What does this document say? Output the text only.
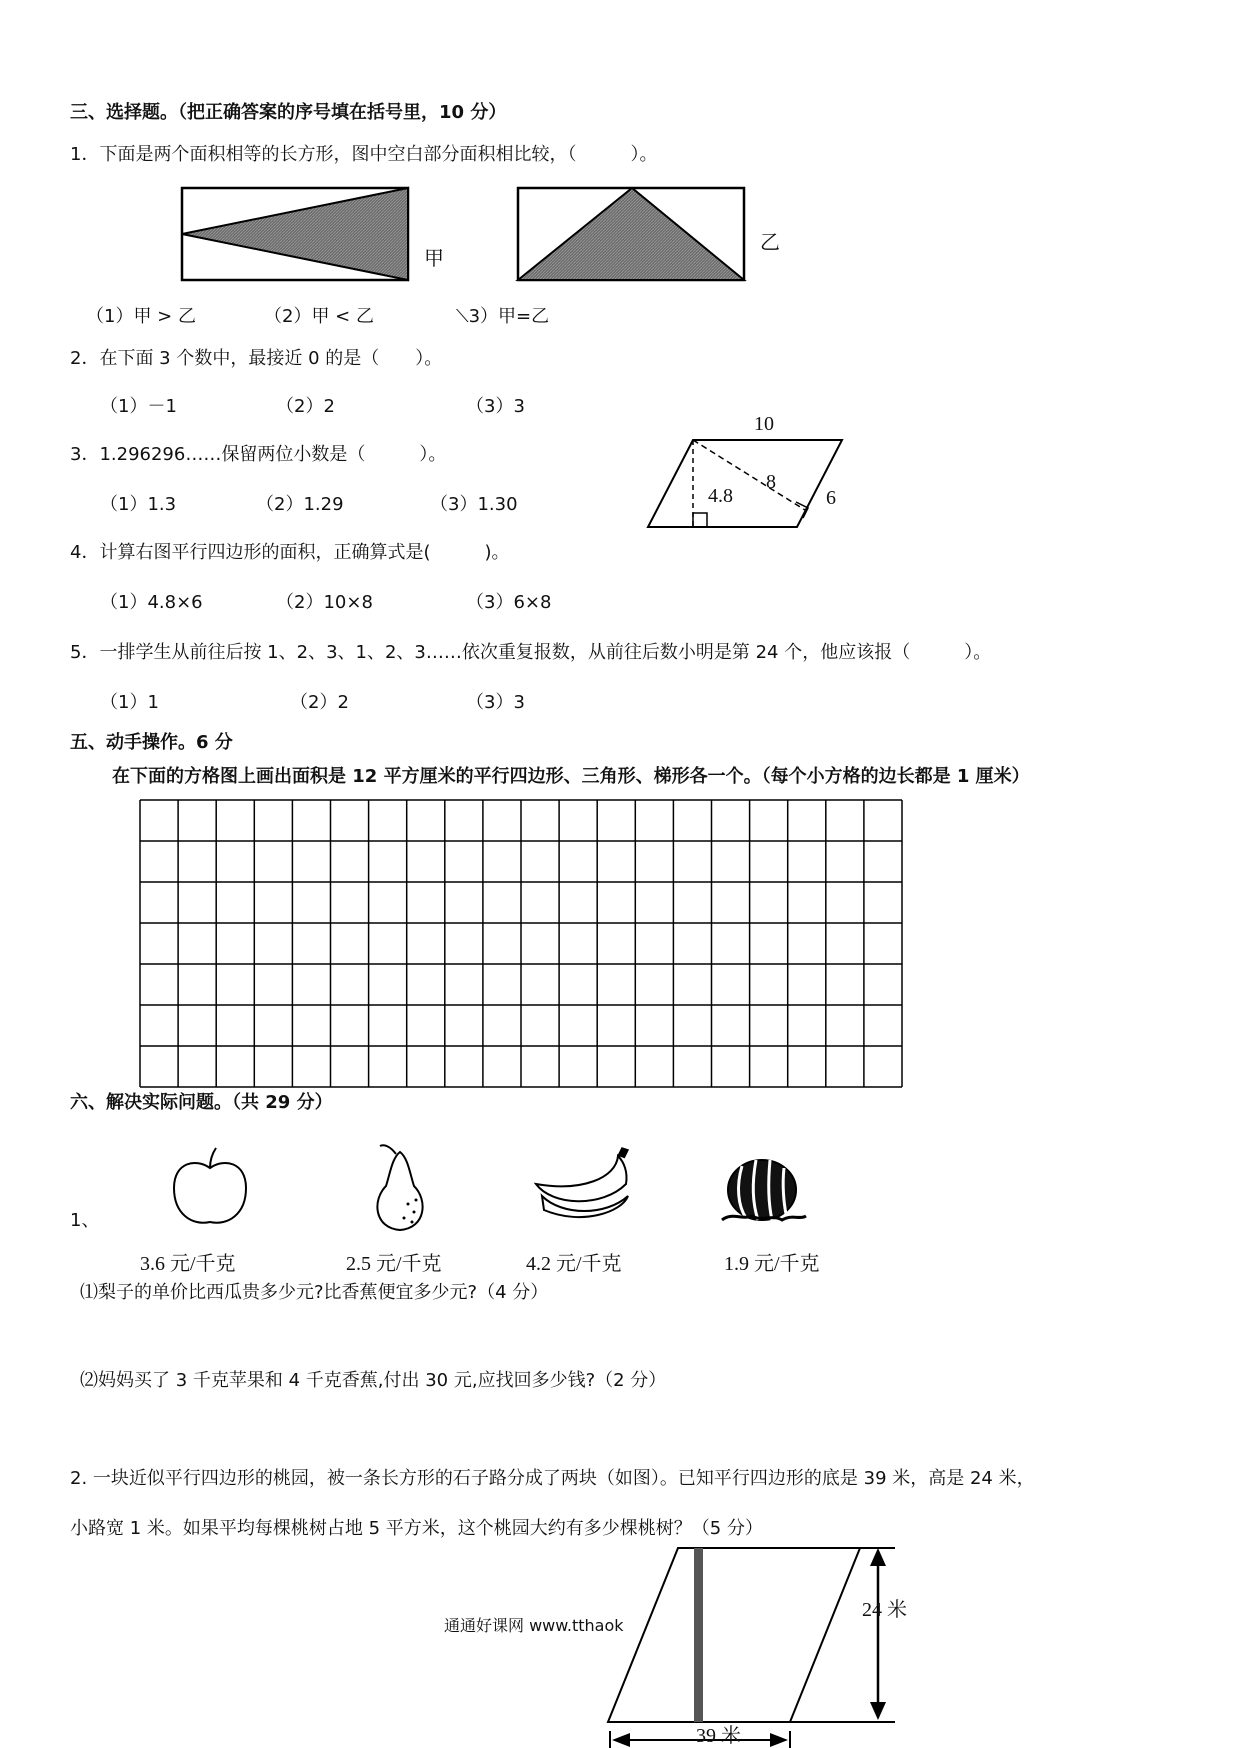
三、选择题。（把正确答案的序号填在括号里，10 分）
1．下面是两个面积相等的长方形，图中空白部分面积相比较，（　　　）。
甲
乙
（1）甲 > 乙	（2）甲 < 乙	⟍3）甲=乙
2．在下面 3 个数中，最接近 0 的是（　　）。
（1）－1	（2）2	（3）3
10
4.8
8
6
3．1.296296……保留两位小数是（　　　）。
（1）1.3	（2）1.29	（3）1.30
4．计算右图平行四边形的面积，正确算式是(　　　)。
（1）4.8×6	（2）10×8	（3）6×8
5．一排学生从前往后按 1、2、3、1、2、3……依次重复报数，从前往后数小明是第 24 个，他应该报（　　　）。
（1）1	（2）2	（3）3
五、动手操作。6 分
在下面的方格图上画出面积是 12 平方厘米的平行四边形、三角形、梯形各一个。（每个小方格的边长都是 1 厘米）
六、解决实际问题。（共 29 分）
1、
3.6 元/千克	2.5 元/千克	4.2 元/千克	1.9 元/千克
⑴梨子的单价比西瓜贵多少元?比香蕉便宜多少元?（4 分）
⑵妈妈买了 3 千克苹果和 4 千克香蕉,付出 30 元,应找回多少钱?（2 分）
2. 一块近似平行四边形的桃园，被一条长方形的石子路分成了两块（如图）。已知平行四边形的底是 39 米，高是 24 米，
小路宽 1 米。如果平均每棵桃树占地 5 平方米，这个桃园大约有多少棵桃树？（5 分）
24 米
39 米
通通好课网 www.tthaok
